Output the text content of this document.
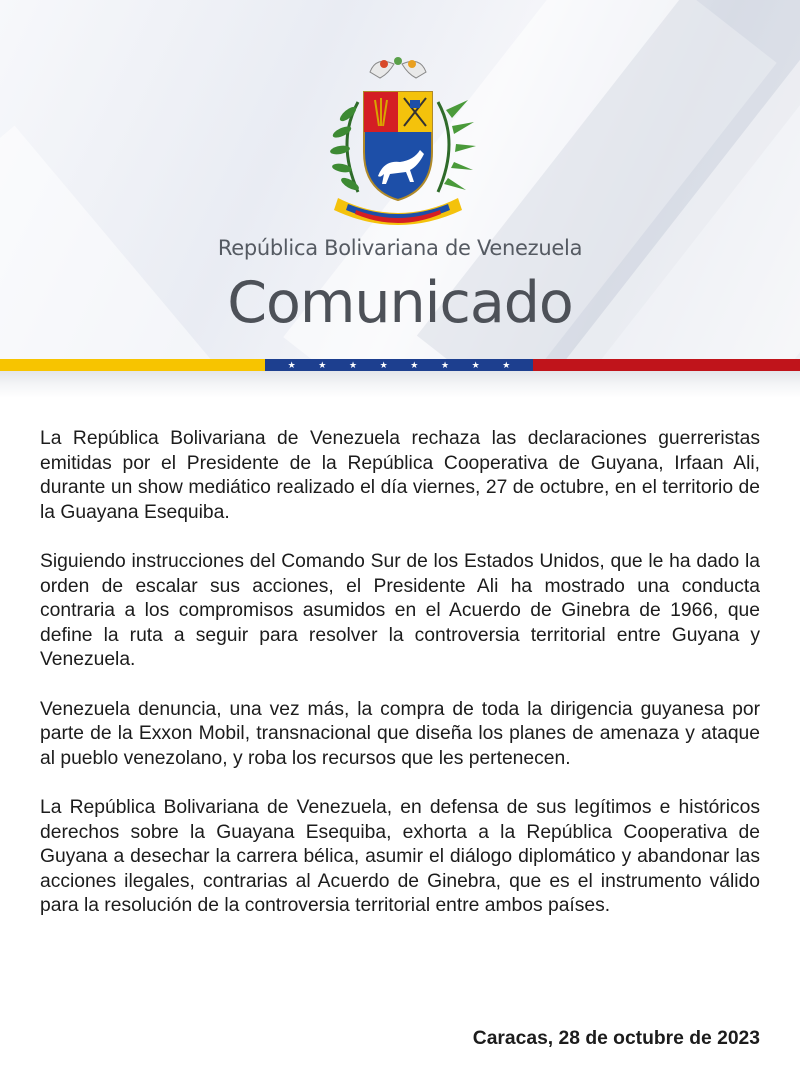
República Bolivariana de Venezuela
Comunicado
★	★	★	★	★	★	★	★

La República Bolivariana de Venezuela rechaza las declaraciones guerreristas emitidas por el Presidente de la República Cooperativa de Guyana, Irfaan Ali, durante un show mediático realizado el día viernes, 27 de octubre, en el territorio de la Guayana Esequiba.

Siguiendo instrucciones del Comando Sur de los Estados Unidos, que le ha dado la orden de escalar sus acciones, el Presidente Ali ha mostrado una conducta contraria a los compromisos asumidos en el Acuerdo de Ginebra de 1966, que define la ruta a seguir para resolver la controversia territorial entre Guyana y Venezuela.

Venezuela denuncia, una vez más, la compra de toda la dirigencia guyanesa por parte de la Exxon Mobil, transnacional que diseña los planes de amenaza y ataque al pueblo venezolano, y roba los recursos que les pertenecen.

La República Bolivariana de Venezuela, en defensa de sus legítimos e históricos derechos sobre la Guayana Esequiba, exhorta a la República Cooperativa de Guyana a desechar la carrera bélica, asumir el diálogo diplomático y abandonar las acciones ilegales, contrarias al Acuerdo de Ginebra, que es el instrumento válido para la resolución de la controversia territorial entre ambos países.

Caracas, 28 de octubre de 2023
